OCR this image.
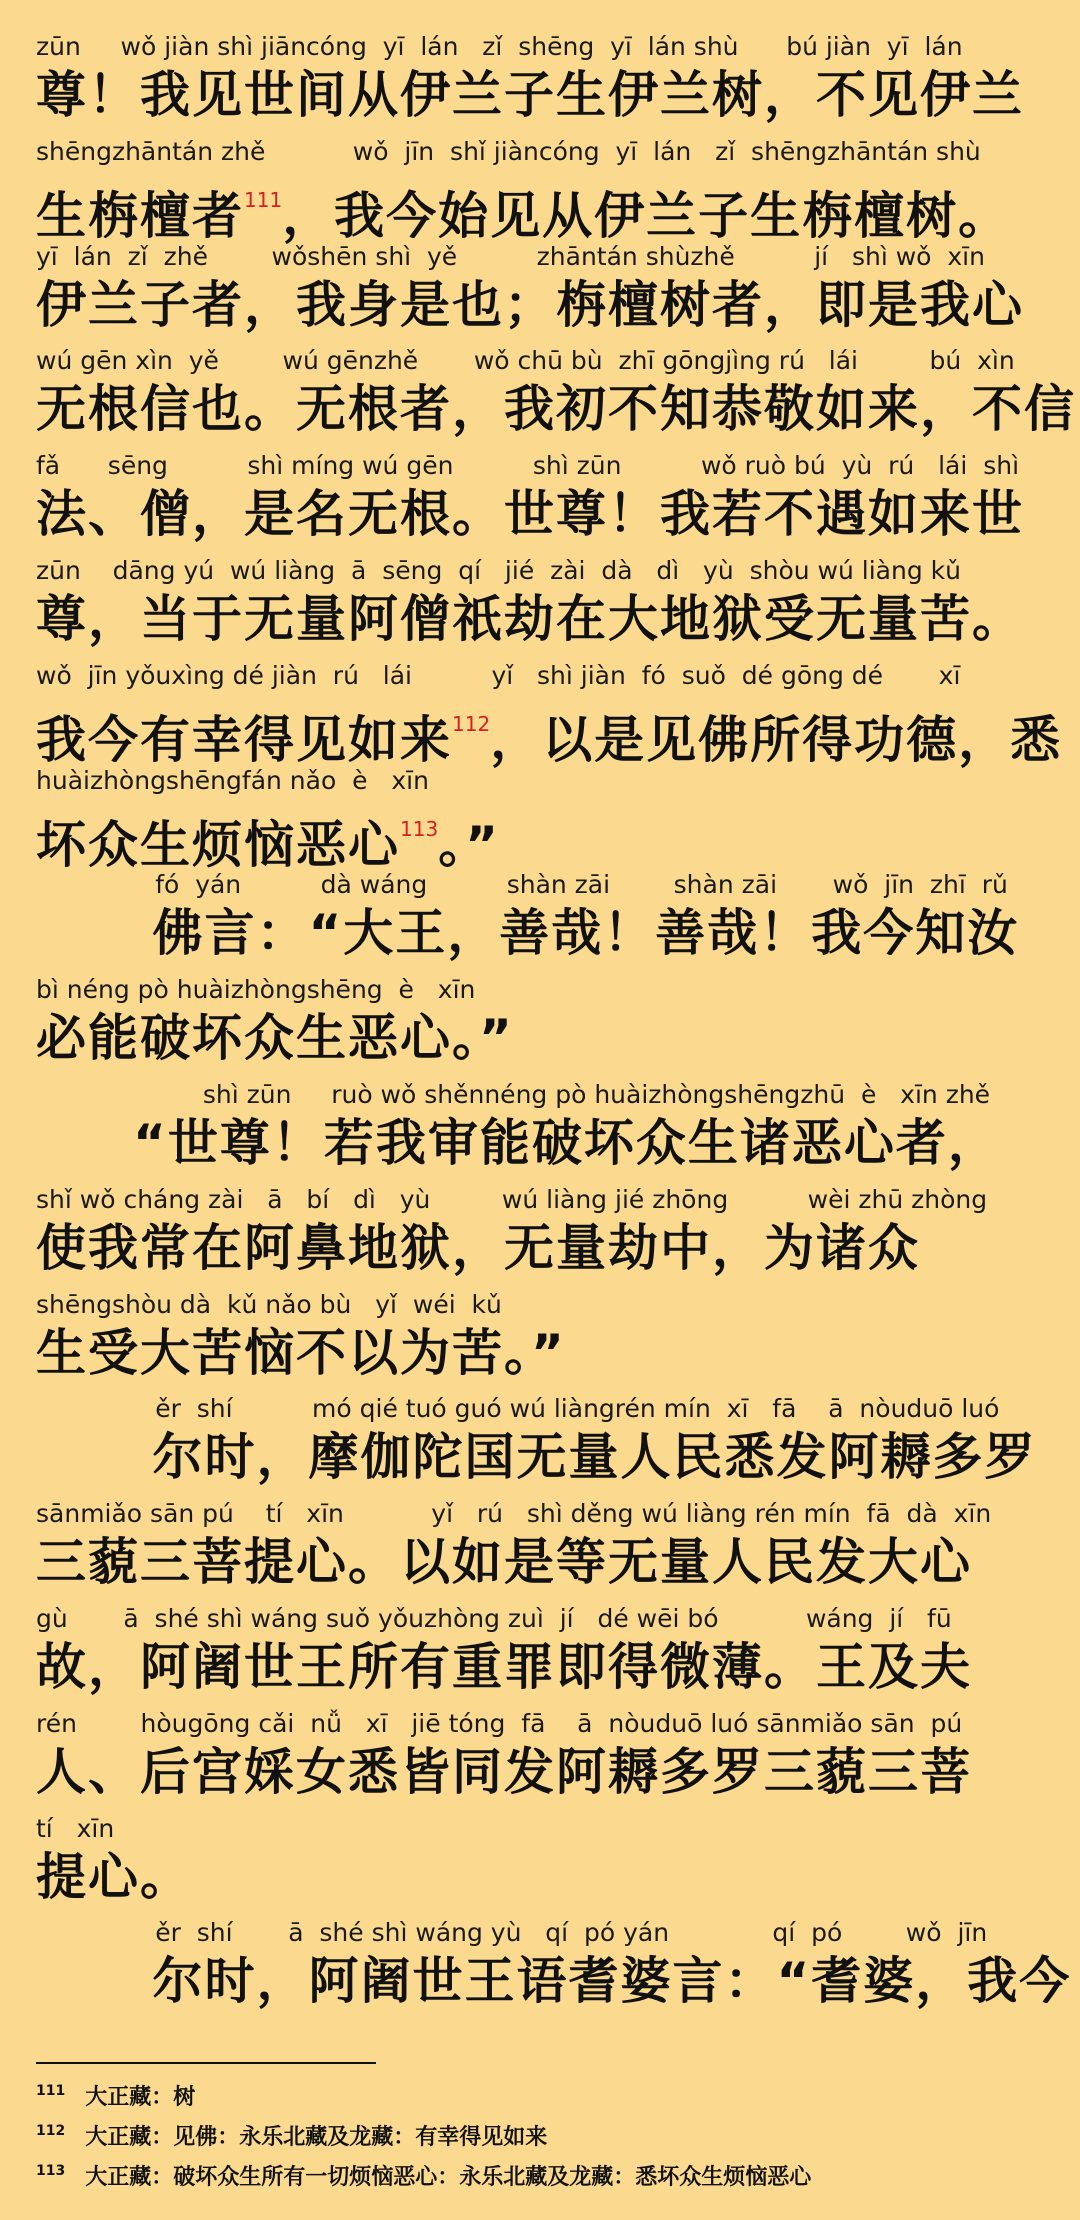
zūn     wǒ jiàn shì jiāncóng  yī  lán   zǐ  shēng  yī  lán shù      bú jiàn  yī  lán
尊！我见世间从伊兰子生伊兰树，不见伊兰
shēngzhāntán zhě           wǒ  jīn  shǐ jiàncóng  yī  lán   zǐ  shēngzhāntán shù
生栴檀者$^{111}$，我今始见从伊兰子生栴檀树。
yī  lán  zǐ  zhě        wǒshēn shì  yě          zhāntán shùzhě          jí   shì wǒ  xīn
伊兰子者，我身是也；栴檀树者，即是我心
wú gēn xìn  yě        wú gēnzhě       wǒ chū bù  zhī gōngjìng rú   lái         bú  xìn
无根信也。无根者，我初不知恭敬如来，不信
fǎ      sēng          shì míng wú gēn          shì zūn          wǒ ruò bú  yù  rú   lái  shì
法、僧，是名无根。世尊！我若不遇如来世
zūn    dāng yú  wú liàng  ā  sēng  qí   jié  zài  dà   dì   yù  shòu wú liàng kǔ
尊，当于无量阿僧祇劫在大地狱受无量苦。
wǒ  jīn yǒuxìng dé jiàn  rú   lái          yǐ   shì jiàn  fó  suǒ  dé gōng dé       xī
我今有幸得见如来$^{112}$，以是见佛所得功德，悉
huàizhòngshēngfán nǎo  è   xīn
坏众生烦恼恶心$^{113}$。”
fó  yán          dà wáng          shàn zāi        shàn zāi       wǒ  jīn  zhī  rǔ
佛言：“大王，善哉！善哉！我今知汝
bì néng pò huàizhòngshēng  è   xīn
必能破坏众生恶心。”
shì zūn     ruò wǒ shěnnéng pò huàizhòngshēngzhū  è   xīn zhě
“世尊！若我审能破坏众生诸恶心者，
shǐ wǒ cháng zài   ā   bí   dì   yù         wú liàng jié zhōng          wèi zhū zhòng
使我常在阿鼻地狱，无量劫中，为诸众
shēngshòu dà  kǔ nǎo bù   yǐ  wéi  kǔ
生受大苦恼不以为苦。”
ěr  shí          mó qié tuó guó wú liàngrén mín  xī   fā    ā  nòuduō luó
尔时，摩伽陀国无量人民悉发阿耨多罗
sānmiǎo sān pú    tí   xīn           yǐ   rú   shì děng wú liàng rén mín  fā  dà  xīn
三藐三菩提心。以如是等无量人民发大心
gù       ā  shé shì wáng suǒ yǒuzhòng zuì  jí   dé wēi bó           wáng  jí   fū
故，阿阇世王所有重罪即得微薄。王及夫
rén        hòugōng cǎi  nǚ   xī   jiē tóng  fā    ā  nòuduō luó sānmiǎo sān  pú
人、后宫婇女悉皆同发阿耨多罗三藐三菩
tí   xīn
提心。
ěr  shí       ā  shé shì wáng yù   qí  pó yán             qí  pó        wǒ  jīn
尔时，阿阇世王语耆婆言：“耆婆，我今
$^{111}$ 大正藏：树
$^{112}$ 大正藏：见佛：永乐北藏及龙藏：有幸得见如来
$^{113}$ 大正藏：破坏众生所有一切烦恼恶心：永乐北藏及龙藏：悉坏众生烦恼恶心
